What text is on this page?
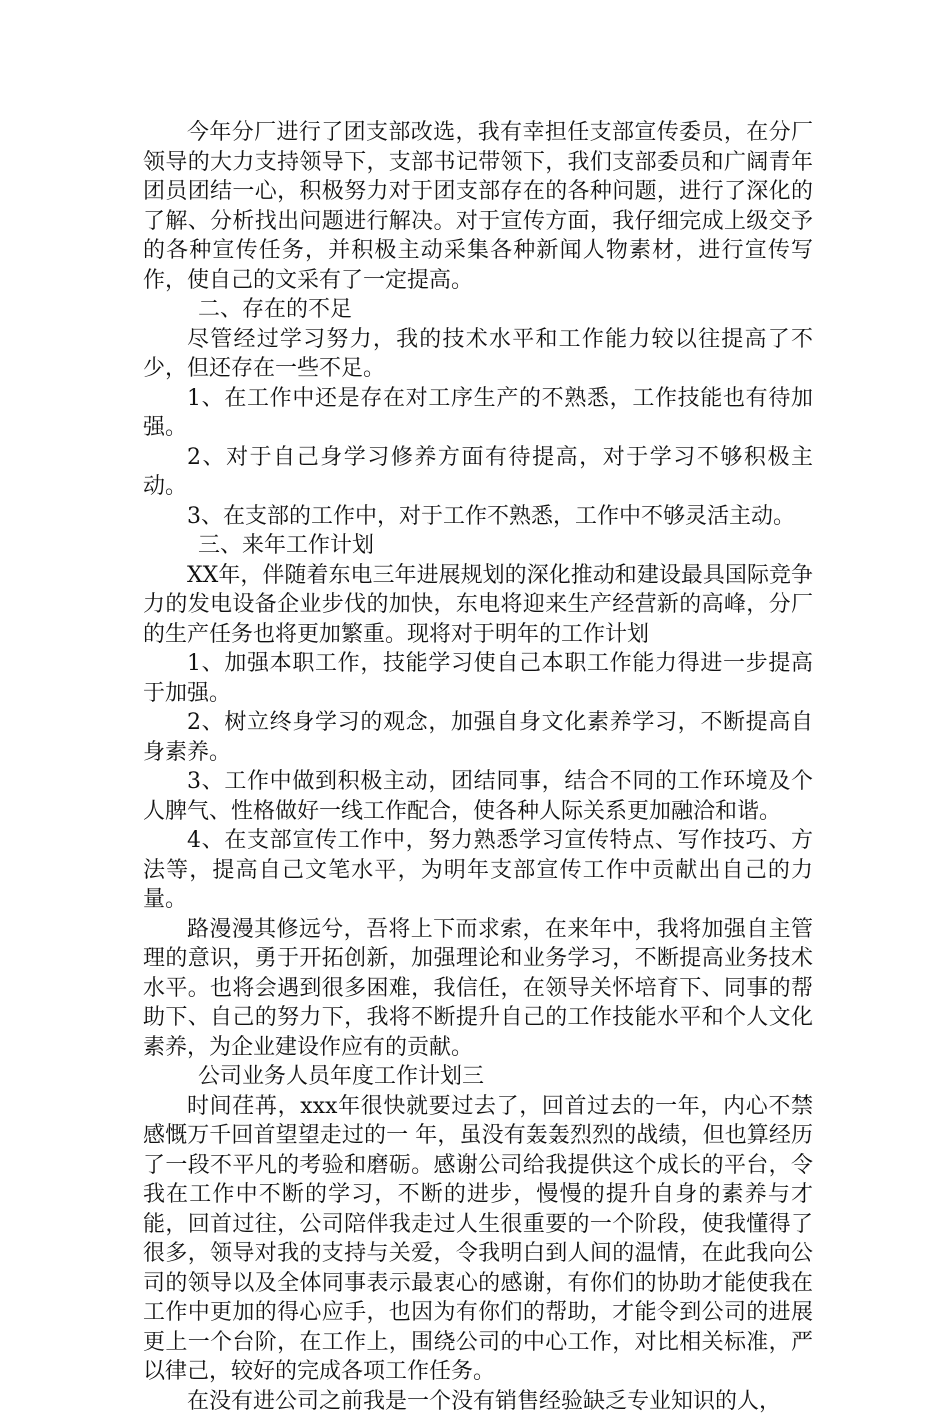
今年分厂进行了团支部改选，我有幸担任支部宣传委员，在分厂领导的大力支持领导下，支部书记带领下，我们支部委员和广阔青年团员团结一心，积极努力对于团支部存在的各种问题，进行了深化的了解、分析找出问题进行解决。对于宣传方面，我仔细完成上级交予的各种宣传任务，并积极主动采集各种新闻人物素材，进行宣传写作，使自己的文采有了一定提高。

二、存在的不足

尽管经过学习努力，我的技术水平和工作能力较以往提高了不少，但还存在一些不足。

1、在工作中还是存在对工序生产的不熟悉，工作技能也有待加强。

2、对于自己身学习修养方面有待提高，对于学习不够积极主动。

3、在支部的工作中，对于工作不熟悉，工作中不够灵活主动。

三、来年工作计划

XX年，伴随着东电三年进展规划的深化推动和建设最具国际竞争力的发电设备企业步伐的加快，东电将迎来生产经营新的高峰，分厂的生产任务也将更加繁重。现将对于明年的工作计划

1、加强本职工作，技能学习使自己本职工作能力得进一步提高于加强。

2、树立终身学习的观念，加强自身文化素养学习，不断提高自身素养。

3、工作中做到积极主动，团结同事，结合不同的工作环境及个人脾气、性格做好一线工作配合，使各种人际关系更加融洽和谐。

4、在支部宣传工作中，努力熟悉学习宣传特点、写作技巧、方法等，提高自己文笔水平，为明年支部宣传工作中贡献出自己的力量。

路漫漫其修远兮，吾将上下而求索，在来年中，我将加强自主管理的意识，勇于开拓创新，加强理论和业务学习，不断提高业务技术水平。也将会遇到很多困难，我信任，在领导关怀培育下、同事的帮助下、自己的努力下，我将不断提升自己的工作技能水平和个人文化素养，为企业建设作应有的贡献。

公司业务人员年度工作计划三

时间荏苒，xxx年很快就要过去了，回首过去的一年，内心不禁感慨万千回首望望走过的一 年，虽没有轰轰烈烈的战绩，但也算经历了一段不平凡的考验和磨砺。感谢公司给我提供这个成长的平台，令我在工作中不断的学习，不断的进步，慢慢的提升自身的素养与才能，回首过往，公司陪伴我走过人生很重要的一个阶段，使我懂得了很多，领导对我的支持与关爱，令我明白到人间的温情，在此我向公司的领导以及全体同事表示最衷心的感谢，有你们的协助才能使我在工作中更加的得心应手，也因为有你们的帮助，才能令到公司的进展更上一个台阶，在工作上，围绕公司的中心工作，对比相关标准，严以律己，较好的完成各项工作任务。

在没有进公司之前我是一个没有销售经验缺乏专业知识的人，
